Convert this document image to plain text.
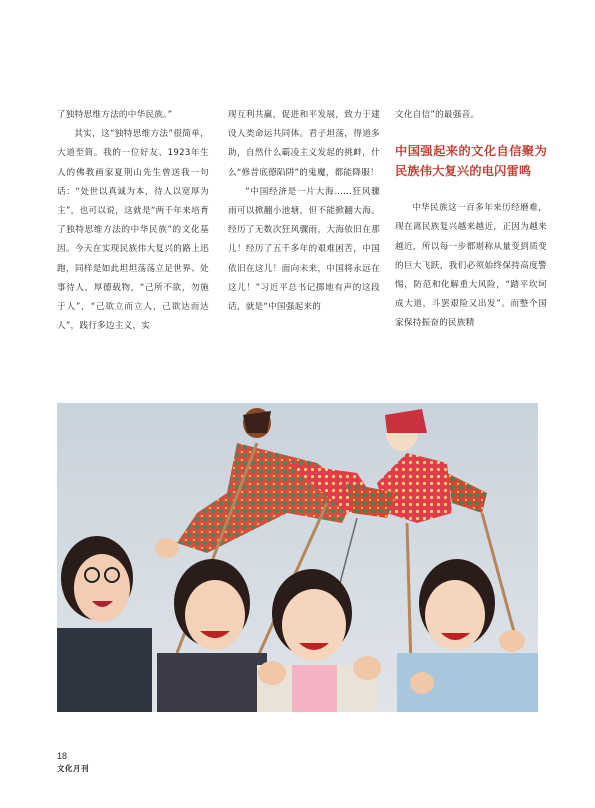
了独特思维方法的中华民族。”

其实，这“独特思维方法”很简单，大道至简。我的一位好友、1923年生人的佛教画家夏荆山先生曾送我一句话：“处世以真诚为本，待人以宽厚为主”，也可以说，这就是“两千年来培育了独特思维方法的中华民族”的文化基因。今天在实现民族伟大复兴的路上迅跑，同样是如此坦坦荡荡立足世界、处事待人，厚德载物，“己所不欲，勿施于人”，“己欲立而立人，己欲达而达人”，践行多边主义，实

现互利共赢，促进和平发展，致力于建设人类命运共同体。君子坦荡，得道多助，自然什么霸凌主义发起的挑衅，什么“修昔底德陷阱”的鬼魔，都能降服！

“中国经济是一片大海……狂风骤雨可以掀翻小池塘，但不能掀翻大海。经历了无数次狂风骤雨，大海依旧在那儿！经历了五千多年的艰难困苦，中国依旧在这儿！面向未来，中国将永远在这儿！”习近平总书记掷地有声的这段话，就是“中国强起来的

文化自信”的最强音。

中国强起来的文化自信聚为民族伟大复兴的电闪雷鸣

中华民族这一百多年来历经磨难，现在离民族复兴越来越近，正因为越来越近，所以每一步都堪称从量变到质变的巨大飞跃，我们必须始终保持高度警惕，防范和化解重大风险，“踏平坎坷成大道，斗罢艰险又出发”。而整个国家保持振奋的民族精

18
文化月刊
